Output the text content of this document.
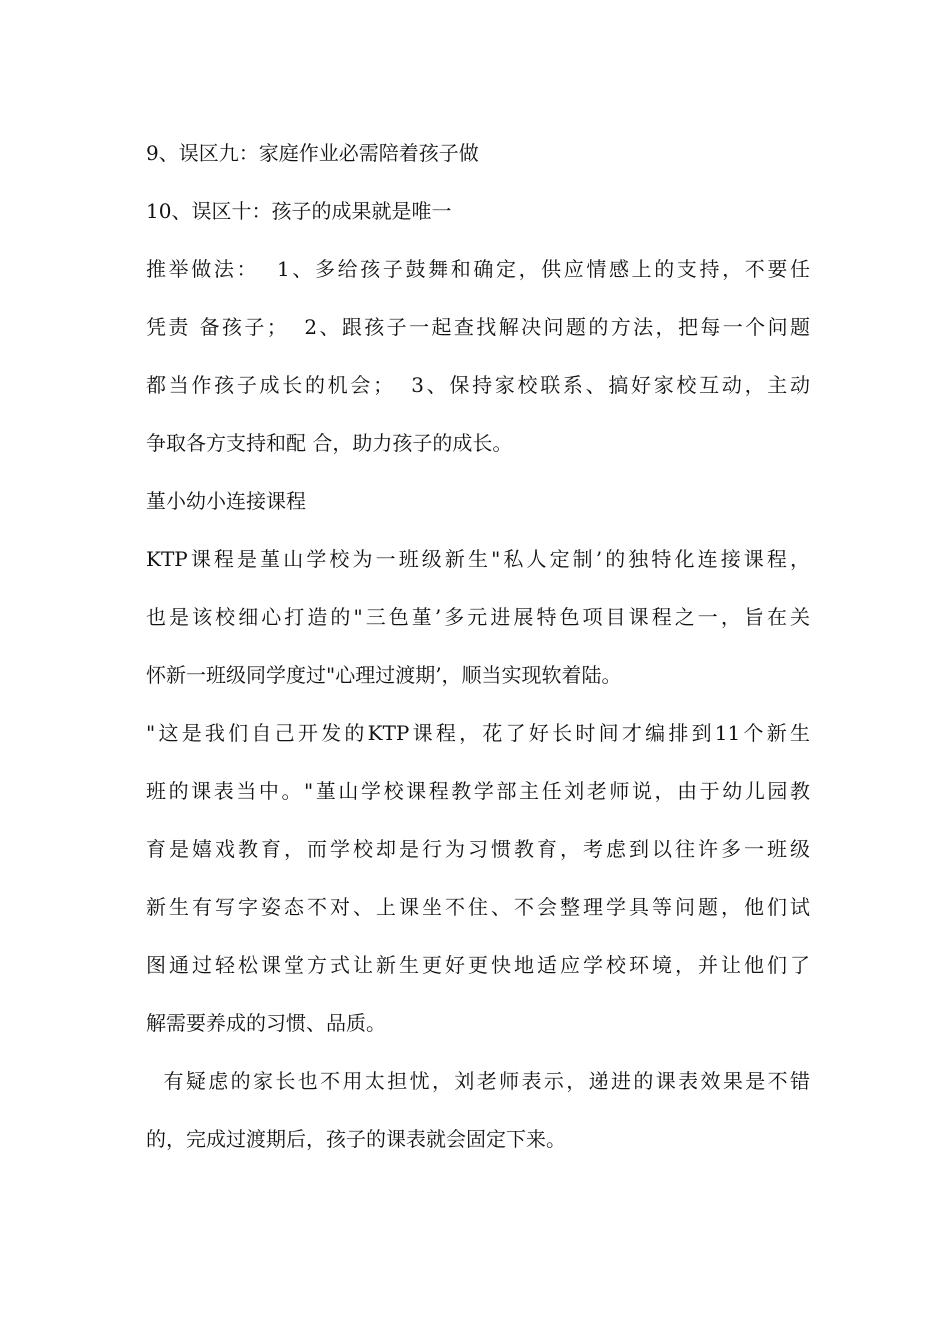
9、误区九：家庭作业必需陪着孩子做
10、误区十：孩子的成果就是唯一
推举做法：  1、多给孩子鼓舞和确定，供应情感上的支持，不要任
凭责 备孩子；  2、跟孩子一起查找解决问题的方法，把每一个问题
都当作孩子成长的机会；  3、保持家校联系、搞好家校互动，主动
争取各方支持和配 合，助力孩子的成长。
堇小幼小连接课程
KTP课程是堇山学校为一班级新生"私人定制’的独特化连接课程，
也是该校细心打造的"三色堇’多元进展特色项目课程之一，旨在关
怀新一班级同学度过"心理过渡期’，顺当实现软着陆。
"这是我们自己开发的KTP课程，花了好长时间才编排到11个新生
班的课表当中。"堇山学校课程教学部主任刘老师说，由于幼儿园教
育是嬉戏教育，而学校却是行为习惯教育，考虑到以往许多一班级
新生有写字姿态不对、上课坐不住、不会整理学具等问题，他们试
图通过轻松课堂方式让新生更好更快地适应学校环境，并让他们了
解需要养成的习惯、品质。
有疑虑的家长也不用太担忧，刘老师表示，递进的课表效果是不错
的，完成过渡期后，孩子的课表就会固定下来。
